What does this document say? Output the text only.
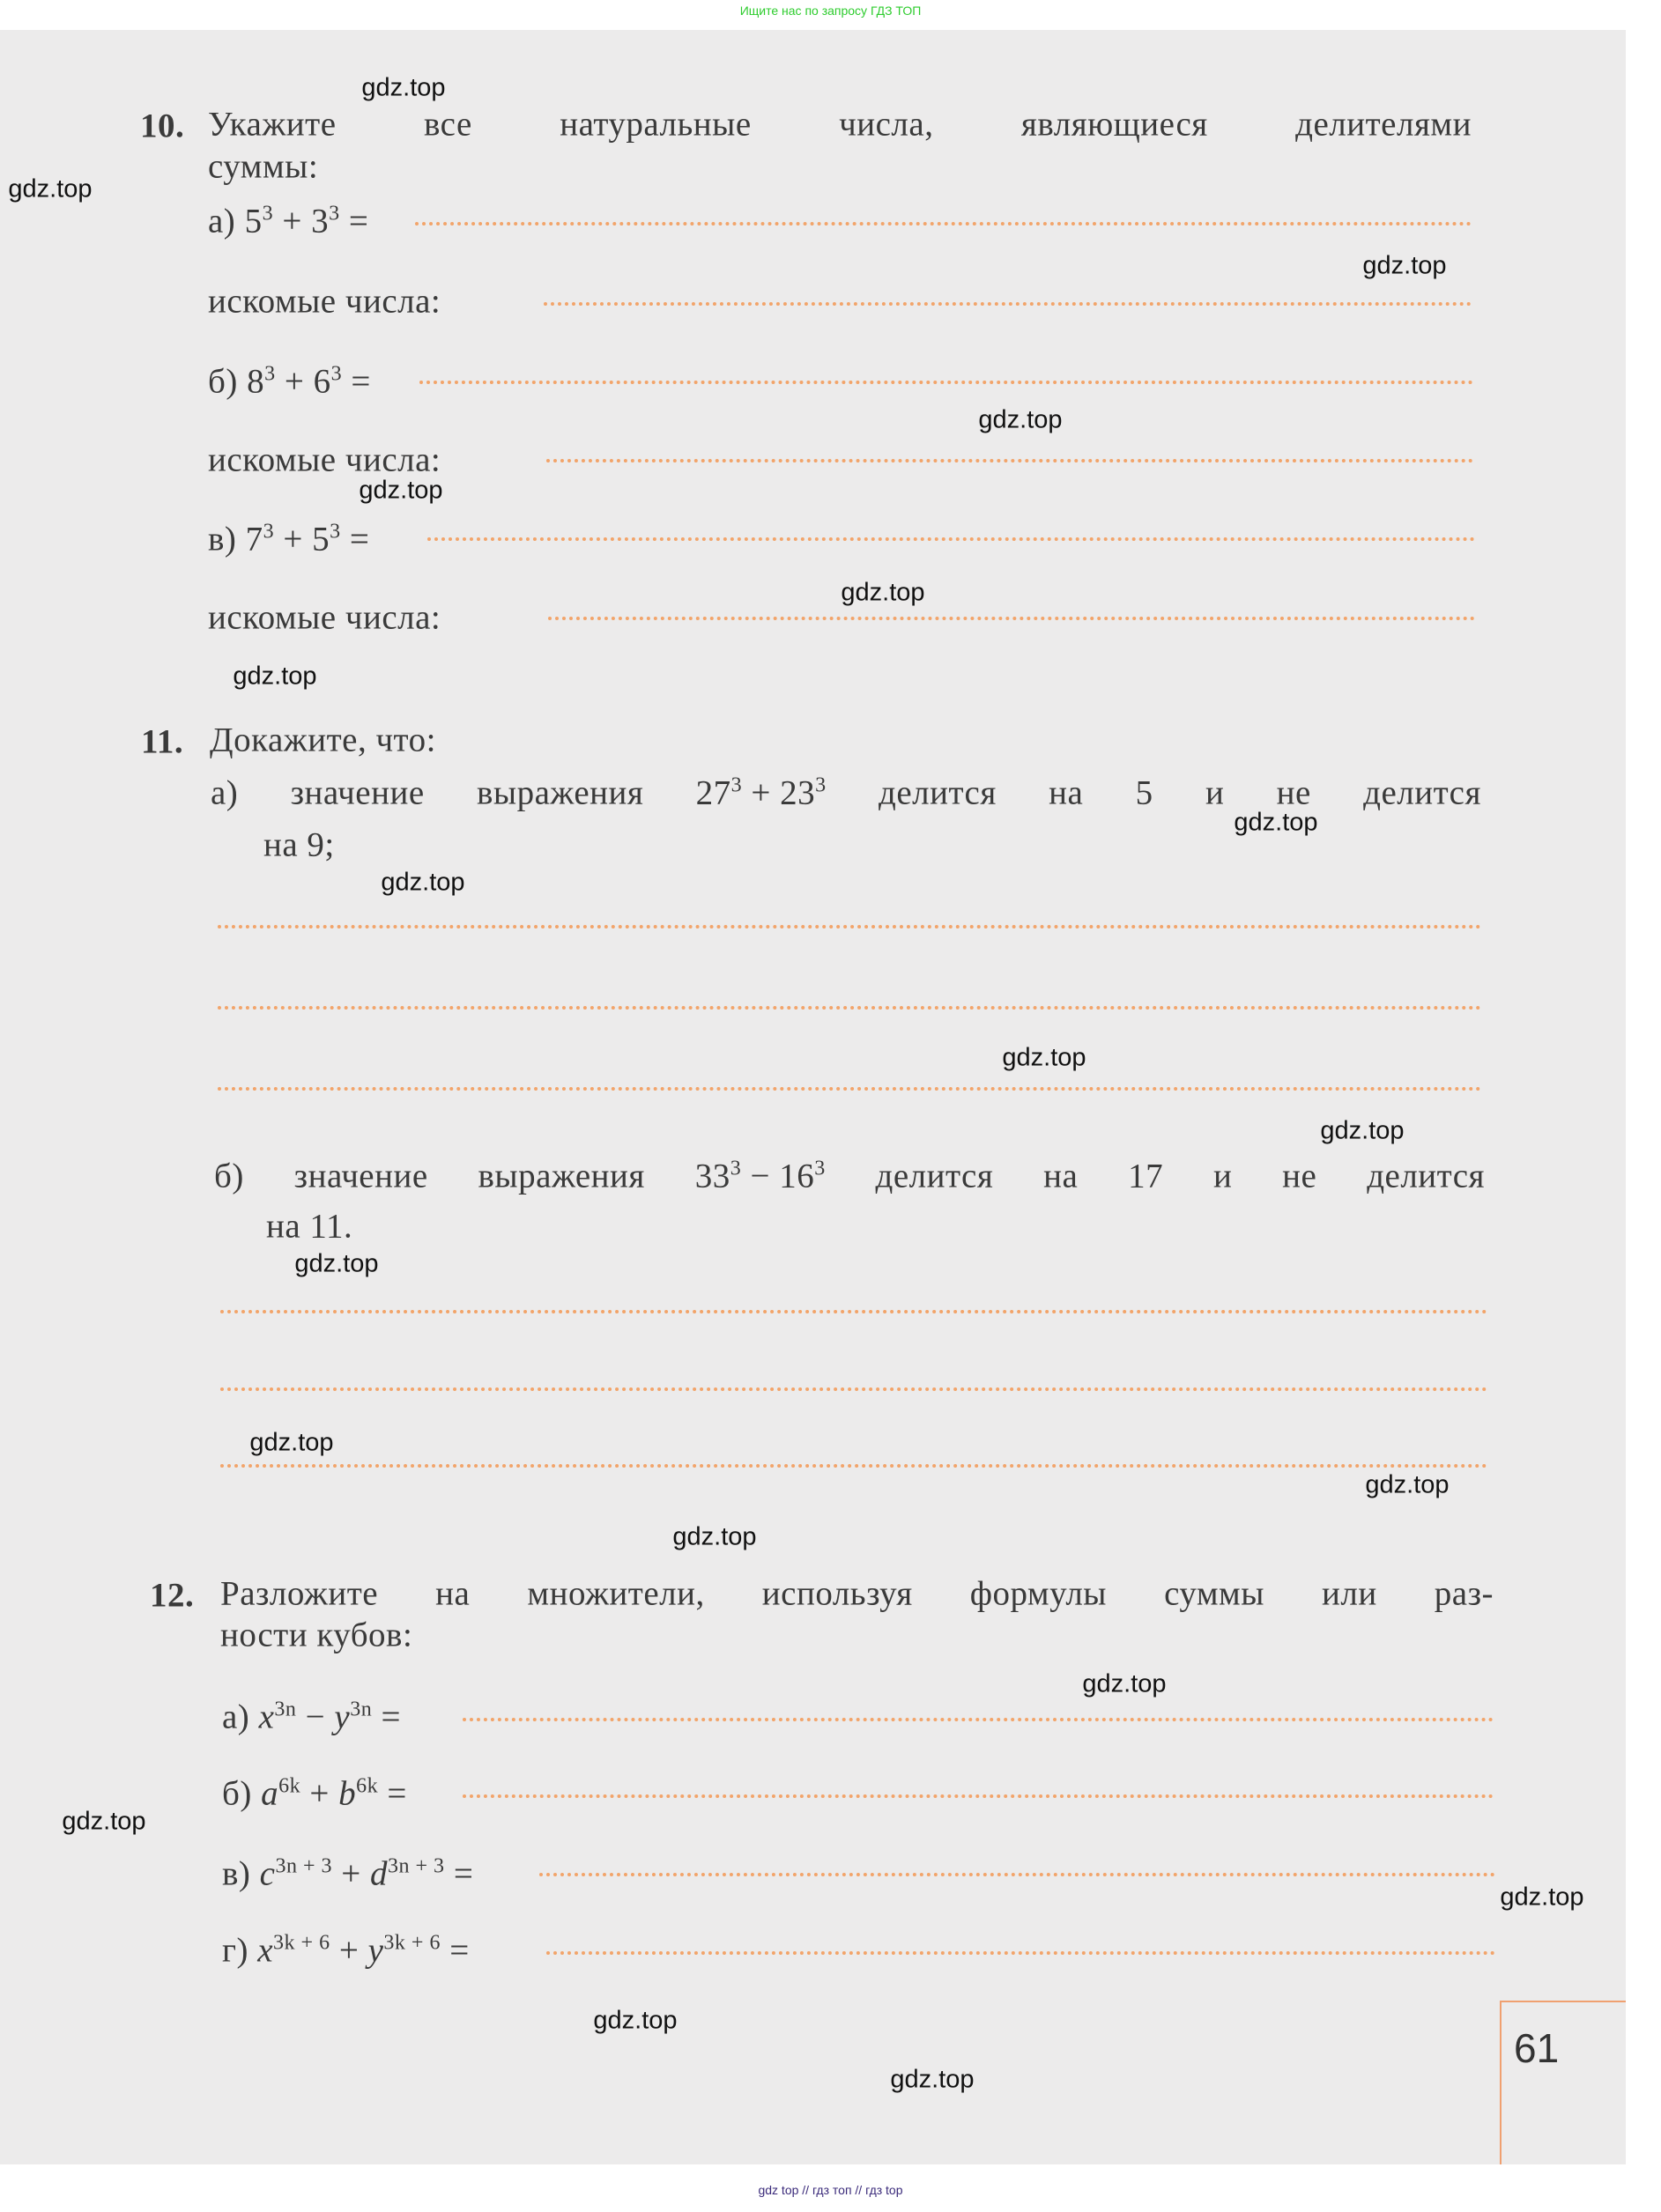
Ищите нас по запросу ГДЗ ТОП
10. Укажите	все	натуральные	числа,	являющиеся	делителями
суммы:
а) $5^3 + 3^3$ =
искомые числа:
б) $8^3 + 6^3$ =
искомые числа:
в) $7^3 + 5^3$ =
искомые числа:
11. Докажите, что:
а) значение выражения $27^3 + 23^3$ делится на 5 и не делится
на 9;
б) значение выражения $33^3 - 16^3$ делится на 17 и не делится
на 11.
12. Разложите на множители, используя формулы суммы или раз-
ности кубов:
а) $x^{3n} - y^{3n}$ =
б) $a^{6k} + b^{6k}$ =
в) $c^{3n + 3} + d^{3n + 3}$ =
г) $x^{3k + 6} + y^{3k + 6}$ =
61
gdz.top
gdz.top
gdz.top
gdz.top
gdz.top
gdz.top
gdz.top
gdz.top
gdz.top
gdz.top
gdz.top
gdz.top
gdz.top
gdz.top
gdz.top
gdz.top
gdz.top
gdz.top
gdz.top
gdz.top
gdz top // гдз топ // гдз top
